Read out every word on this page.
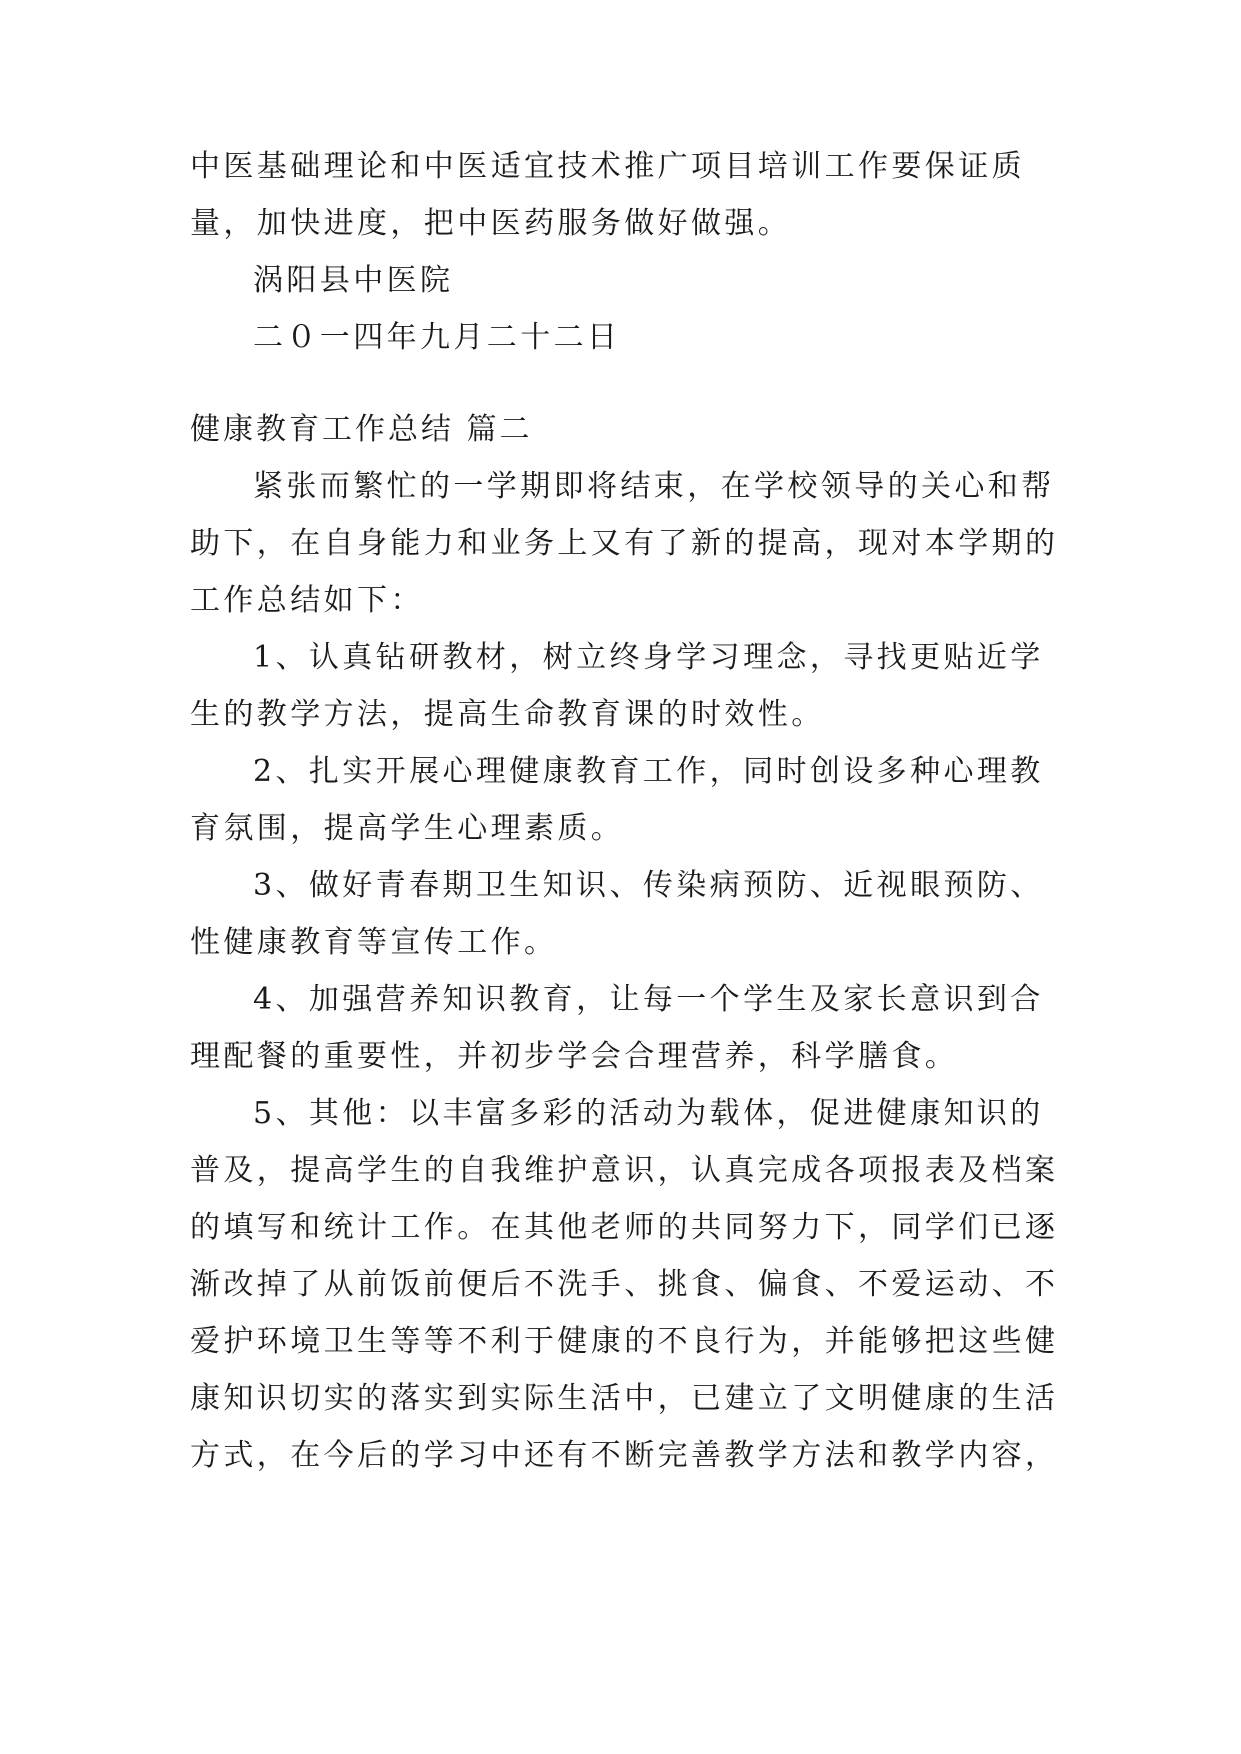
中医基础理论和中医适宜技术推广项目培训工作要保证质
量，加快进度，把中医药服务做好做强。
涡阳县中医院
二０一四年九月二十二日
健康教育工作总结 篇二
紧张而繁忙的一学期即将结束，在学校领导的关心和帮
助下，在自身能力和业务上又有了新的提高，现对本学期的
工作总结如下：
1、认真钻研教材，树立终身学习理念，寻找更贴近学
生的教学方法，提高生命教育课的时效性。
2、扎实开展心理健康教育工作，同时创设多种心理教
育氛围，提高学生心理素质。
3、做好青春期卫生知识、传染病预防、近视眼预防、
性健康教育等宣传工作。
4、加强营养知识教育，让每一个学生及家长意识到合
理配餐的重要性，并初步学会合理营养，科学膳食。
5、其他：以丰富多彩的活动为载体，促进健康知识的
普及，提高学生的自我维护意识，认真完成各项报表及档案
的填写和统计工作。在其他老师的共同努力下，同学们已逐
渐改掉了从前饭前便后不洗手、挑食、偏食、不爱运动、不
爱护环境卫生等等不利于健康的不良行为，并能够把这些健
康知识切实的落实到实际生活中，已建立了文明健康的生活
方式，在今后的学习中还有不断完善教学方法和教学内容，
